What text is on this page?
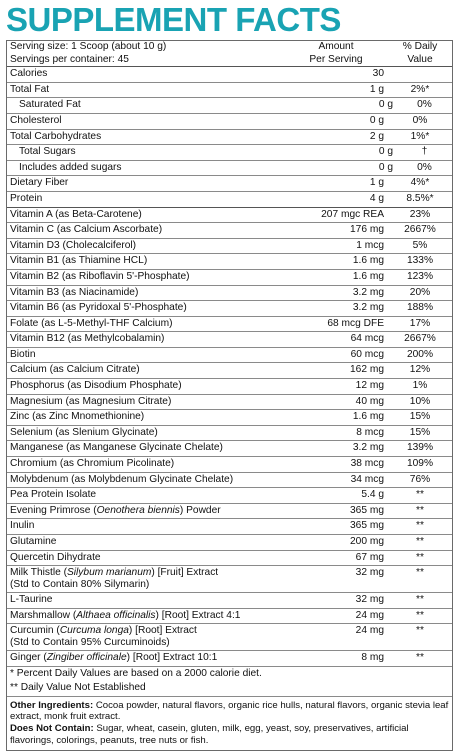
SUPPLEMENT FACTS
Serving size: 1 Scoop (about 10 g)
Servings per container: 45
Amount
Per Serving
% Daily
Value
Calories	30
Total Fat	1 g	2%*
Saturated Fat	0 g	0%
Cholesterol	0 g	0%
Total Carbohydrates	2 g	1%*
Total Sugars	0 g	†
Includes added sugars	0 g	0%
Dietary Fiber	1 g	4%*
Protein	4 g	8.5%*
Vitamin A (as Beta-Carotene)	207 mgc REA	23%
Vitamin C (as Calcium Ascorbate)	176 mg	2667%
Vitamin D3 (Cholecalciferol)	1 mcg	5%
Vitamin B1 (as Thiamine HCL)	1.6 mg	133%
Vitamin B2 (as Riboflavin 5'-Phosphate)	1.6 mg	123%
Vitamin B3 (as Niacinamide)	3.2 mg	20%
Vitamin B6 (as Pyridoxal 5'-Phosphate)	3.2 mg	188%
Folate (as L-5-Methyl-THF Calcium)	68 mcg DFE	17%
Vitamin B12 (as Methylcobalamin)	64 mcg	2667%
Biotin	60 mcg	200%
Calcium (as Calcium Citrate)	162 mg	12%
Phosphorus (as Disodium Phosphate)	12 mg	1%
Magnesium (as Magnesium Citrate)	40 mg	10%
Zinc (as Zinc Mnomethionine)	1.6 mg	15%
Selenium (as Slenium Glycinate)	8 mcg	15%
Manganese (as Manganese Glycinate Chelate)	3.2 mg	139%
Chromium (as Chromium Picolinate)	38 mcg	109%
Molybdenum (as Molybdenum Glycinate Chelate)	34 mcg	76%
Pea Protein Isolate	5.4 g	**
Evening Primrose (Oenothera biennis) Powder	365 mg	**
Inulin	365 mg	**
Glutamine	200 mg	**
Quercetin Dihydrate	67 mg	**
Milk Thistle (Silybum marianum) [Fruit] Extract
(Std to Contain 80% Silymarin)
32 mg	**
L-Taurine	32 mg	**
Marshmallow (Althaea officinalis) [Root] Extract 4:1	24 mg	**
Curcumin (Curcuma longa) [Root] Extract
(Std to Contain 95% Curcuminoids)
24 mg	**
Ginger (Zingiber officinale) [Root] Extract 10:1	8 mg	**
* Percent Daily Values are based on a 2000 calorie diet.
** Daily Value Not Established
Other Ingredients: Cocoa powder, natural flavors, organic rice hulls, natural flavors, organic stevia leaf extract, monk fruit extract.
Does Not Contain: Sugar, wheat, casein, gluten, milk, egg, yeast, soy, preservatives, artificial flavorings, colorings, peanuts, tree nuts or fish.
